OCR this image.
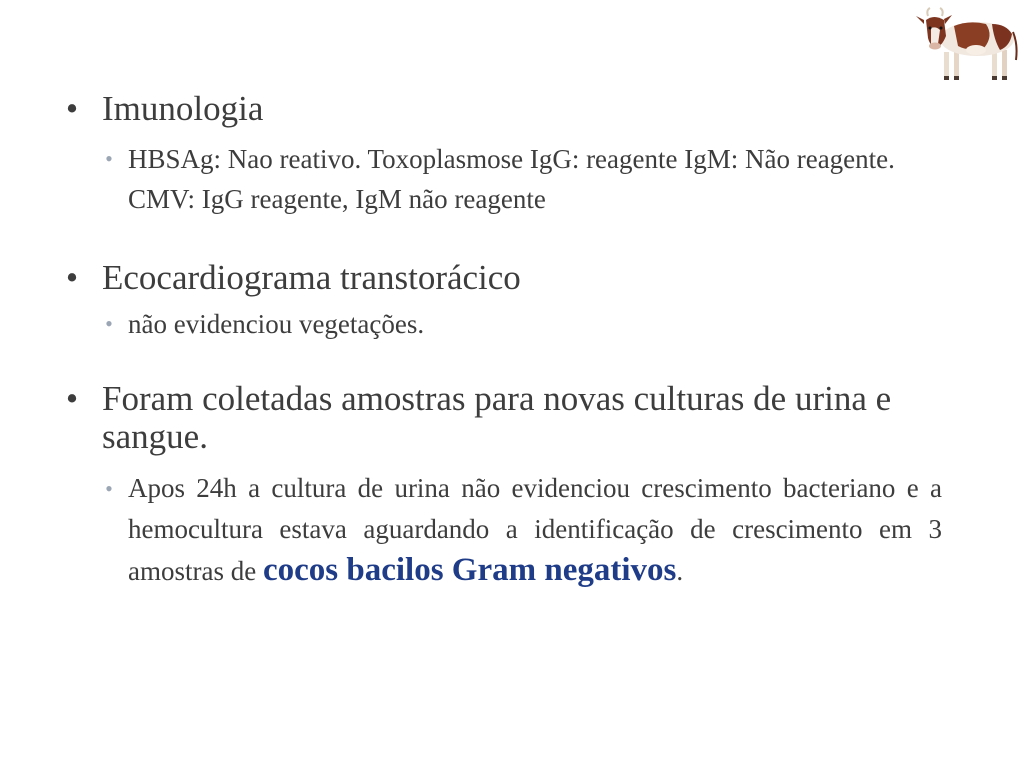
• Imunologia
• HBSAg: Nao reativo. Toxoplasmose IgG: reagente IgM: Não reagente. CMV: IgG reagente, IgM não reagente
• Ecocardiograma transtorácico
• não evidenciou vegetações.
• Foram coletadas amostras para novas culturas de urina e sangue.
• Apos 24h a cultura de urina não evidenciou crescimento bacteriano e a hemocultura estava aguardando a identificação de crescimento em 3 amostras de cocos bacilos Gram negativos.
